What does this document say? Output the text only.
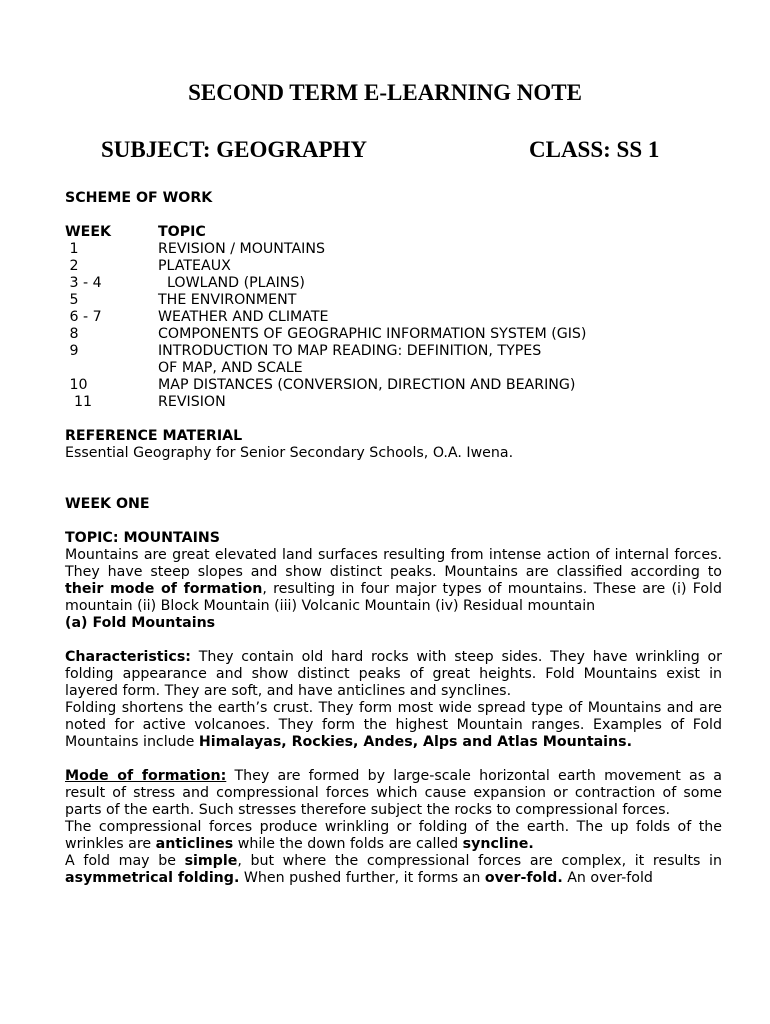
SECOND TERM E-LEARNING NOTE
SUBJECT: GEOGRAPHY	CLASS: SS 1

SCHEME OF WORK

WEEK	TOPIC
1	REVISION / MOUNTAINS
2	PLATEAUX
3 - 4	LOWLAND (PLAINS)
5	THE ENVIRONMENT
6 - 7	WEATHER AND CLIMATE
8	COMPONENTS OF GEOGRAPHIC INFORMATION SYSTEM (GIS)
9	INTRODUCTION TO MAP READING: DEFINITION, TYPES
OF MAP, AND SCALE
10	MAP DISTANCES (CONVERSION, DIRECTION AND BEARING)
11	REVISION

REFERENCE MATERIAL

Essential Geography for Senior Secondary Schools, O.A. Iwena.

WEEK ONE

TOPIC: MOUNTAINS

Mountains are great elevated land surfaces resulting from intense action of internal forces. They have steep slopes and show distinct peaks. Mountains are classified according to their mode of formation, resulting in four major types of mountains. These are (i) Fold mountain (ii) Block Mountain (iii) Volcanic Mountain (iv) Residual mountain

(a) Fold Mountains

Characteristics: They contain old hard rocks with steep sides. They have wrinkling or folding appearance and show distinct peaks of great heights. Fold Mountains exist in layered form. They are soft, and have anticlines and synclines.

Folding shortens the earth’s crust. They form most wide spread type of Mountains and are noted for active volcanoes. They form the highest Mountain ranges. Examples of Fold Mountains include Himalayas, Rockies, Andes, Alps and Atlas Mountains.

Mode of formation: They are formed by large-scale horizontal earth movement as a result of stress and compressional forces which cause expansion or contraction of some parts of the earth. Such stresses therefore subject the rocks to compressional forces.

The compressional forces produce wrinkling or folding of the earth. The up folds of the wrinkles are anticlines while the down folds are called syncline.

A fold may be simple, but where the compressional forces are complex, it results in asymmetrical folding. When pushed further, it forms an over-fold. An over-fold
